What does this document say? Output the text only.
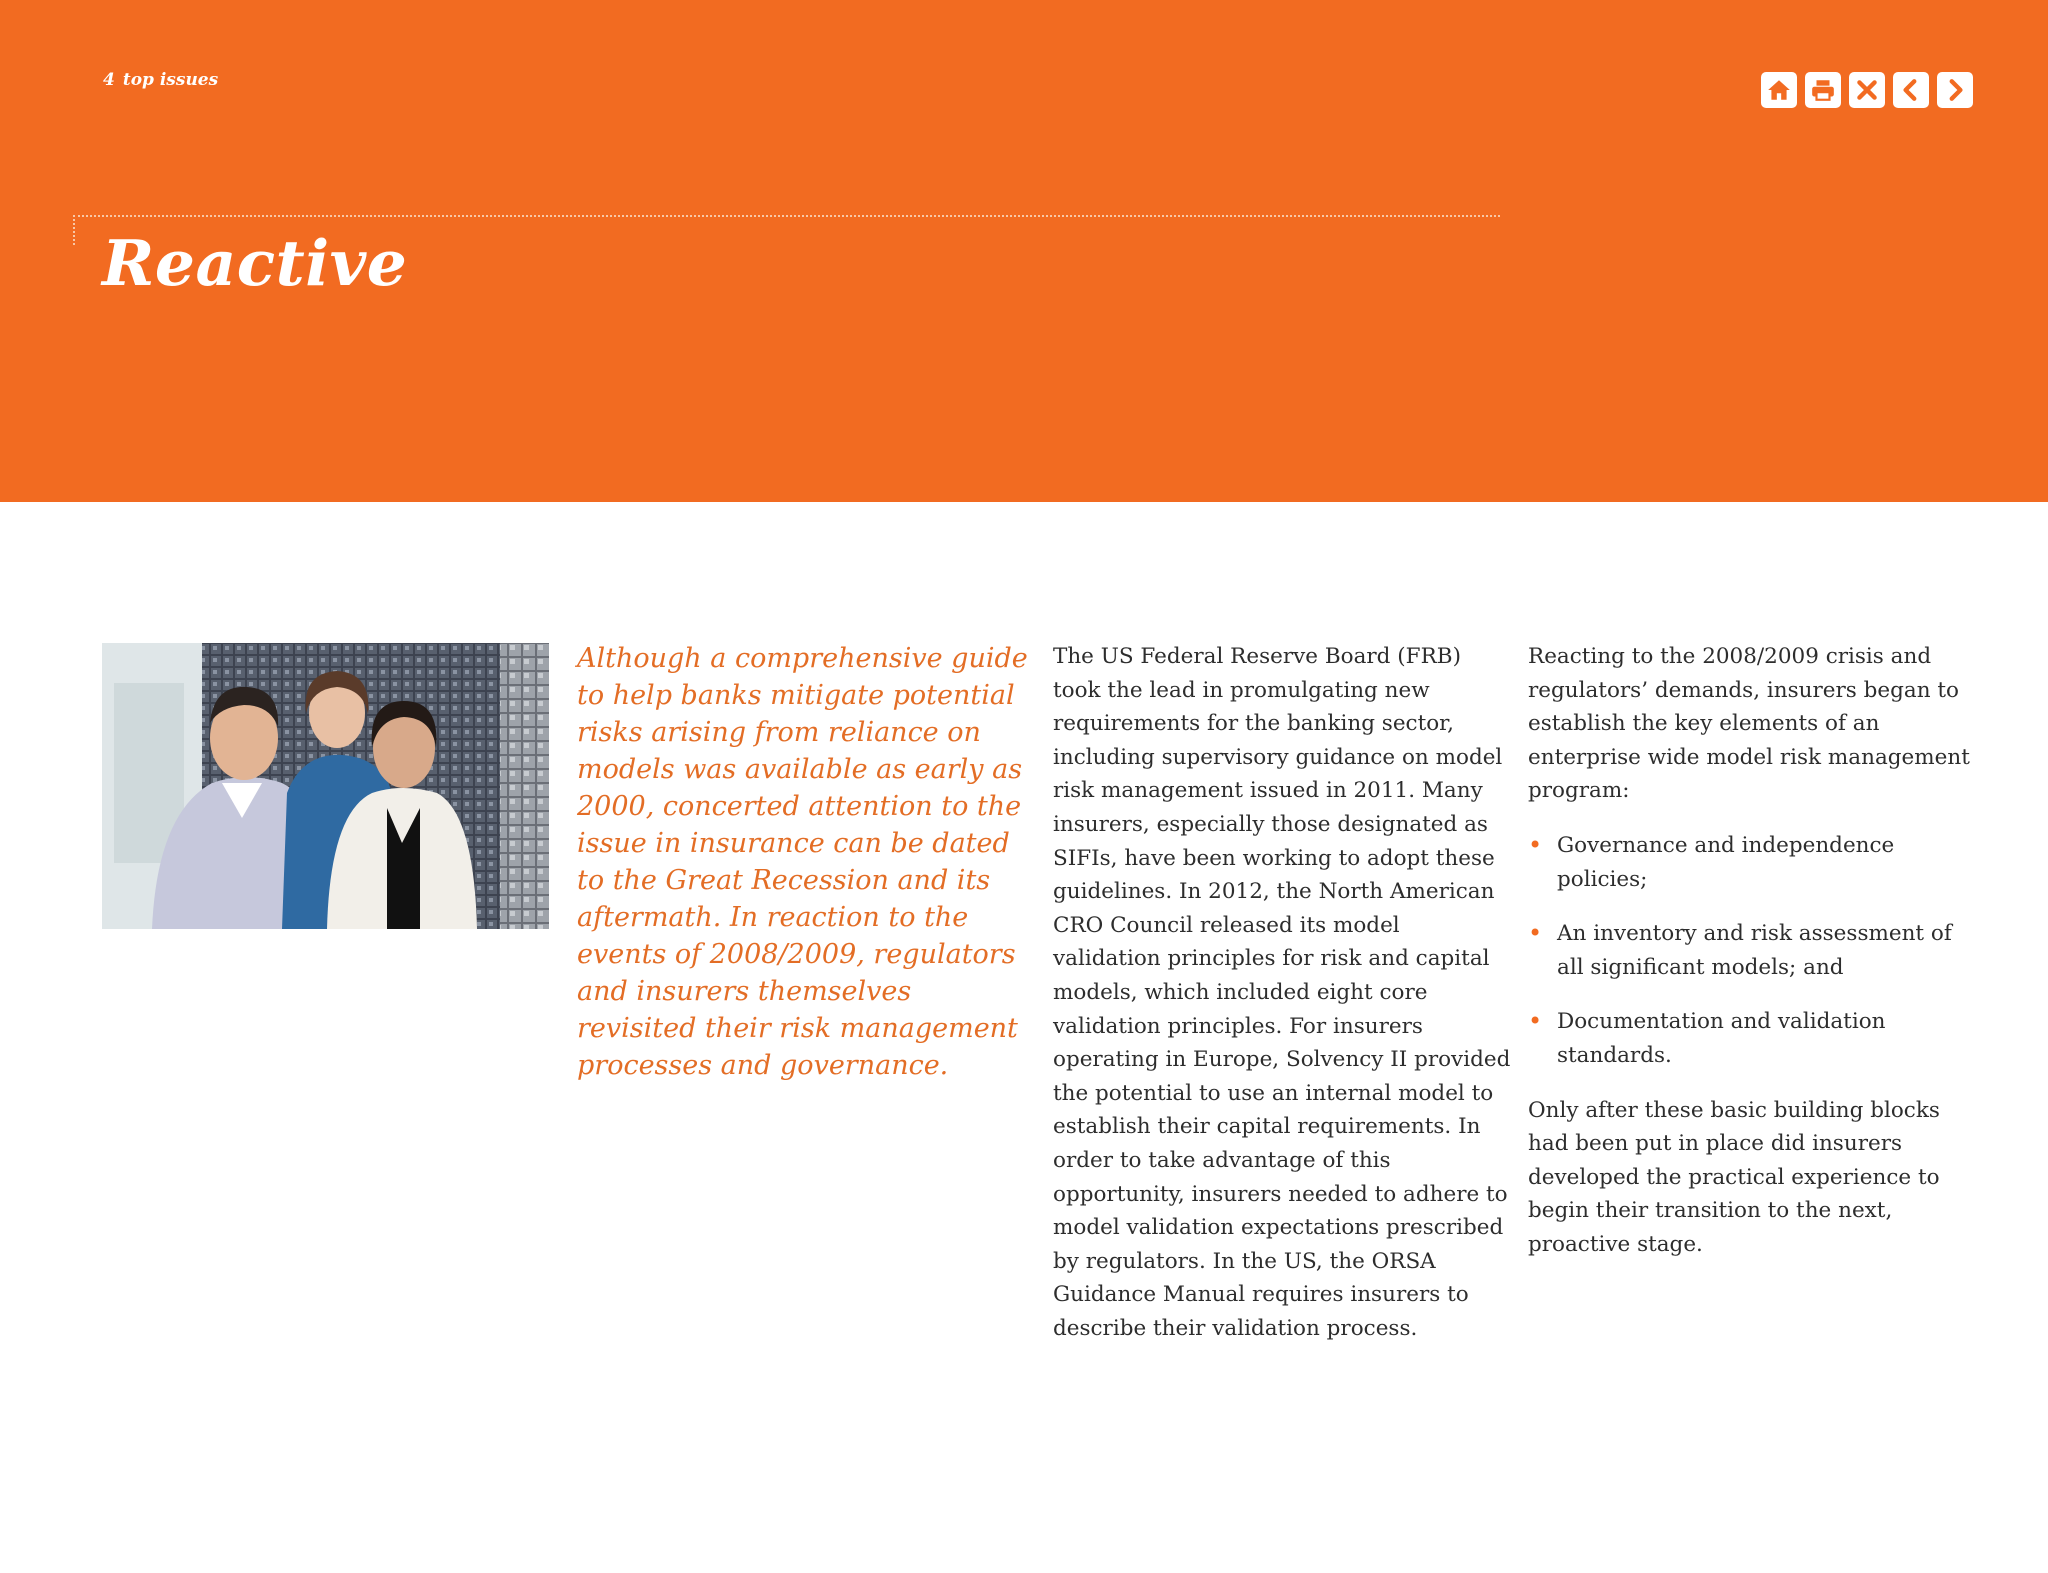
4 top issues
Reactive

Although a comprehensive guide to help banks mitigate potential risks arising from reliance on models was available as early as 2000, concerted attention to the issue in insurance can be dated to the Great Recession and its aftermath. In reaction to the events of 2008/2009, regulators and insurers themselves revisited their risk management processes and governance.

The US Federal Reserve Board (FRB) took the lead in promulgating new requirements for the banking sector, including supervisory guidance on model risk management issued in 2011. Many insurers, especially those designated as SIFIs, have been working to adopt these guidelines. In 2012, the North American CRO Council released its model validation principles for risk and capital models, which included eight core validation principles. For insurers operating in Europe, Solvency II provided the potential to use an internal model to establish their capital requirements. In order to take advantage of this opportunity, insurers needed to adhere to model validation expectations prescribed by regulators. In the US, the ORSA Guidance Manual requires insurers to describe their validation process.

Reacting to the 2008/2009 crisis and regulators’ demands, insurers began to establish the key elements of an enterprise wide model risk management program:

• Governance and independence policies;
• An inventory and risk assessment of all significant models; and
• Documentation and validation standards.

Only after these basic building blocks had been put in place did insurers developed the practical experience to begin their transition to the next, proactive stage.
